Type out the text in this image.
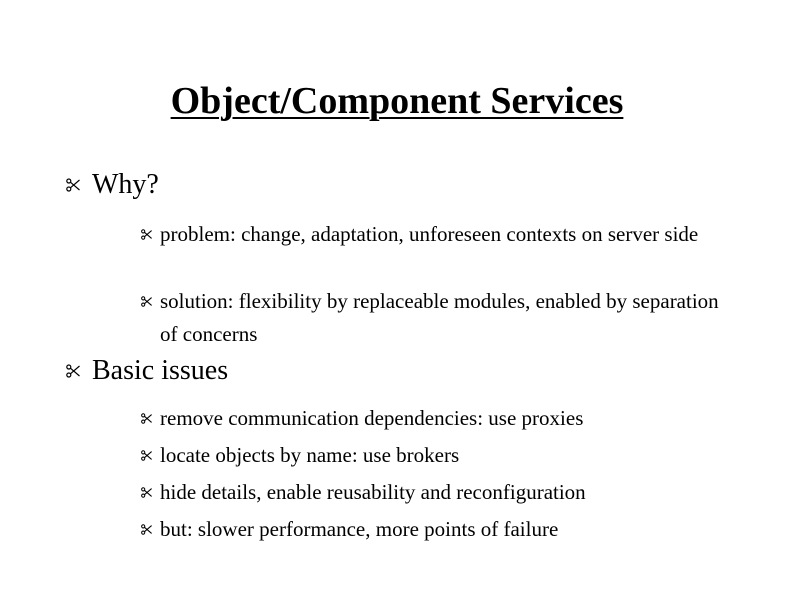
Object/Component Services
Why?
problem: change, adaptation, unforeseen contexts on server side
solution: flexibility by replaceable modules, enabled by separation of concerns
Basic issues
remove communication dependencies: use proxies
locate objects by name: use brokers
hide details, enable reusability and reconfiguration
but: slower performance, more points of failure
